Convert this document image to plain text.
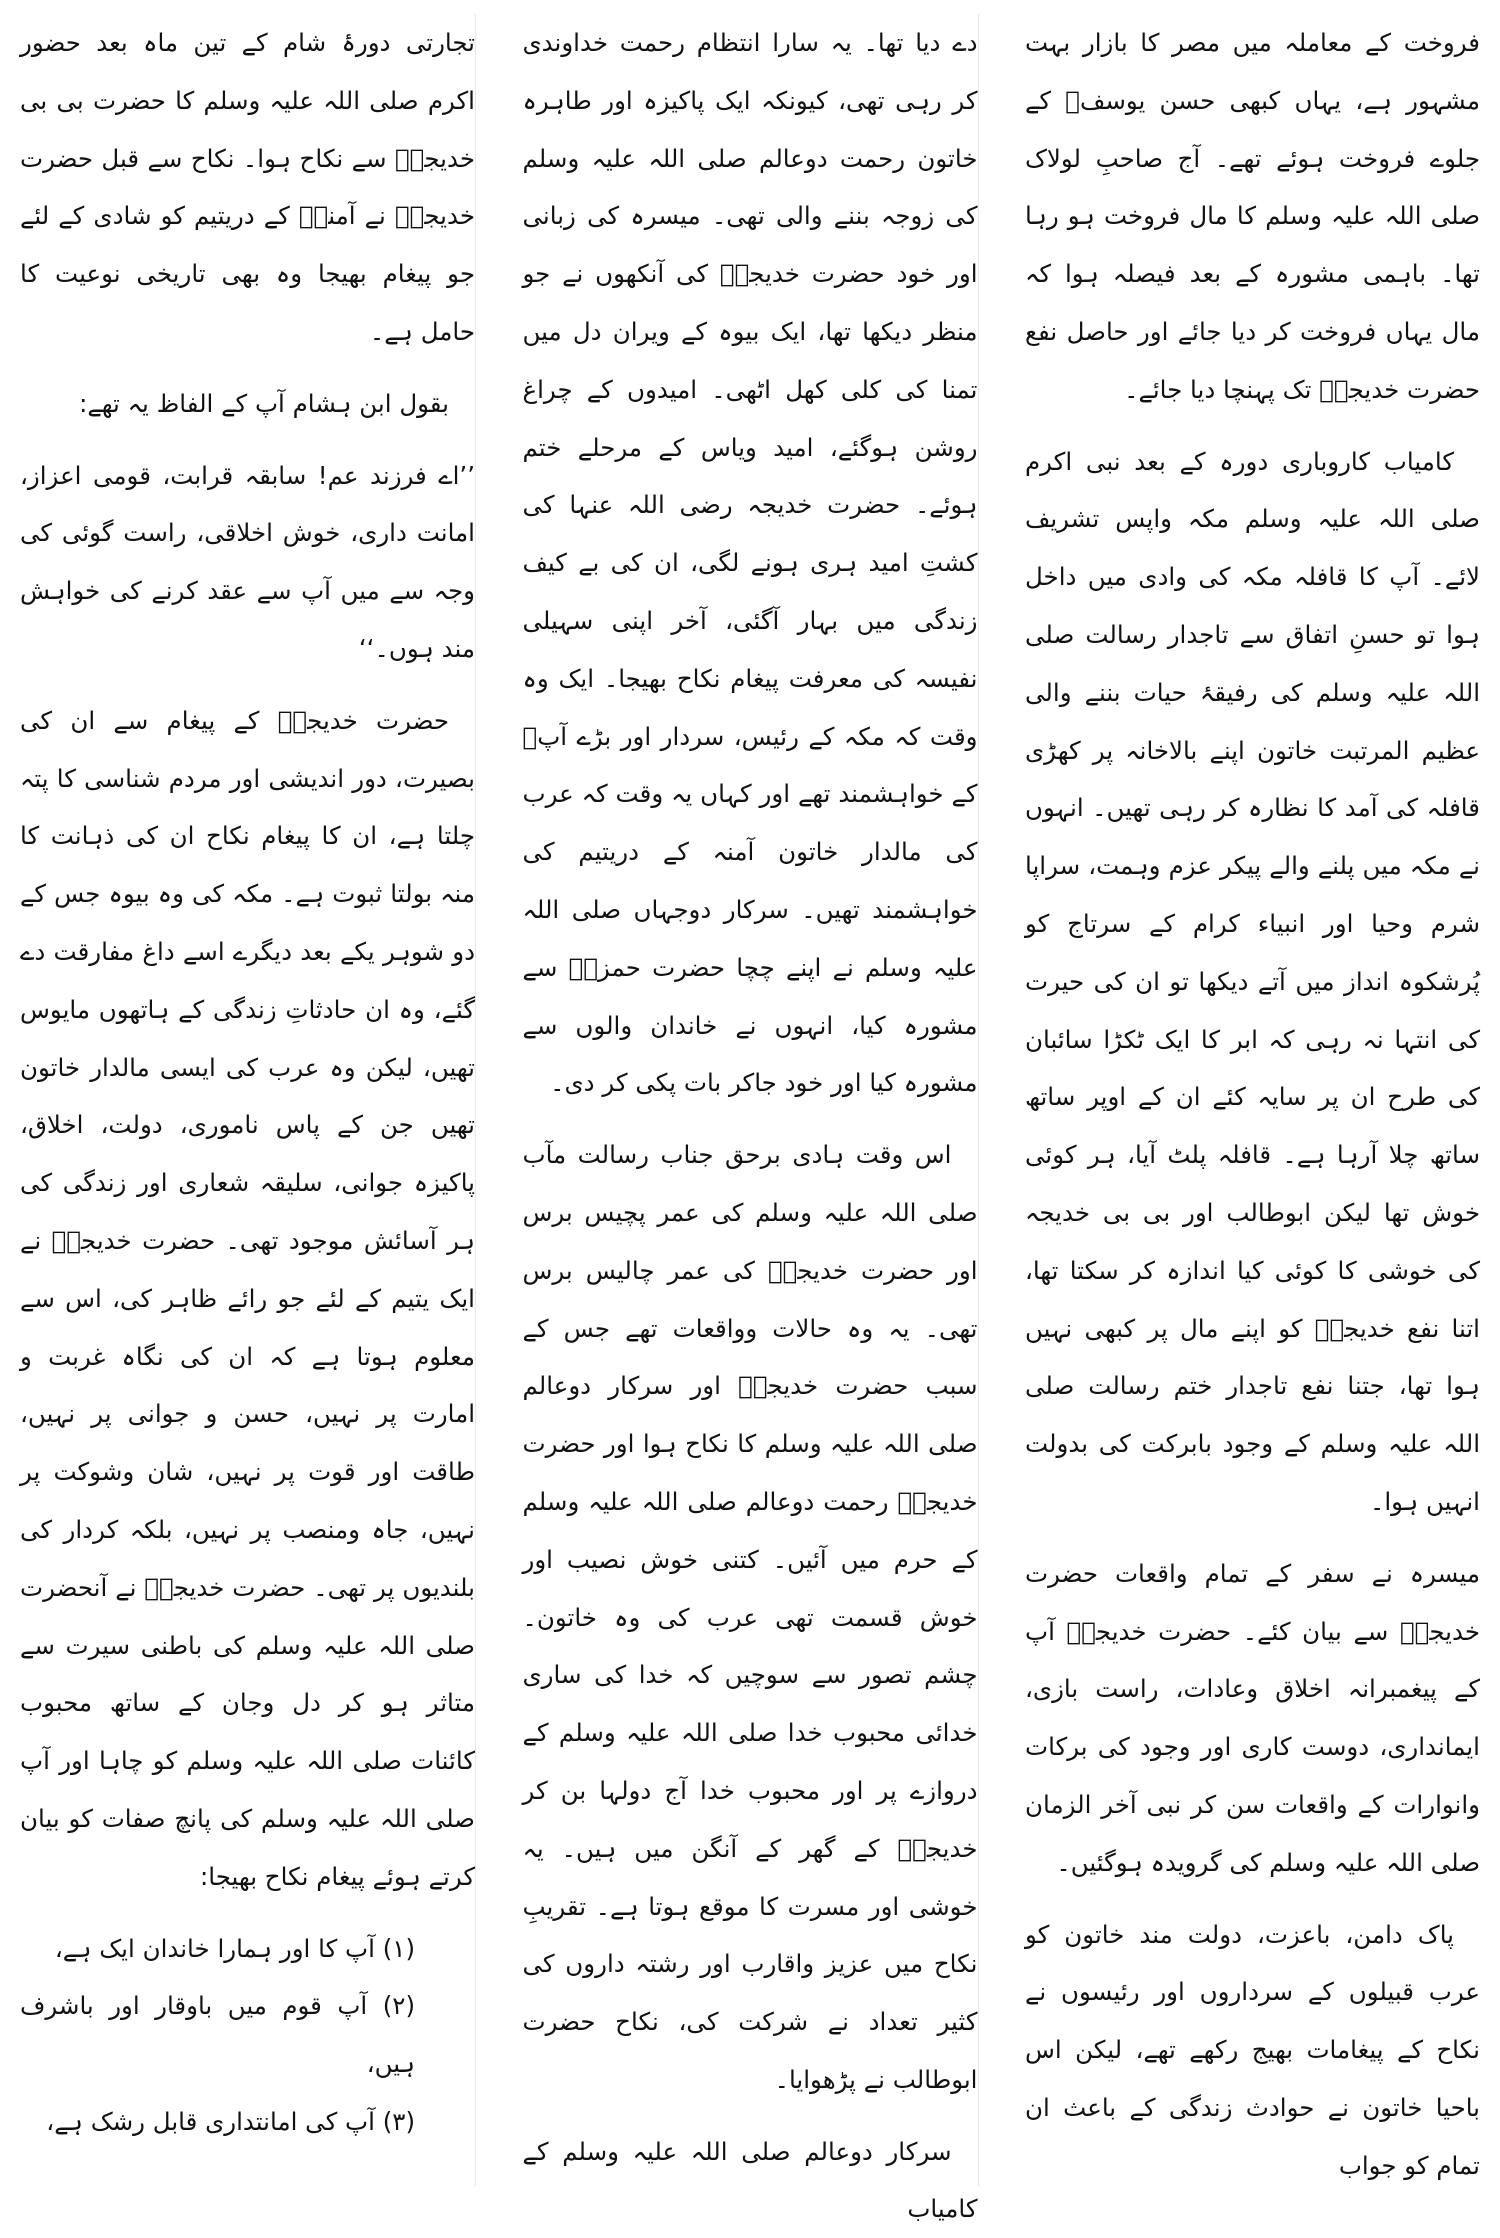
فروخت کے معاملہ میں مصر کا بازار بہت مشہور ہے، یہاں کبھی حسن یوسفؑ کے جلوے فروخت ہوئے تھے۔ آج صاحبِ لولاک صلی اللہ علیہ وسلم کا مال فروخت ہو رہا تھا۔ باہمی مشورہ کے بعد فیصلہ ہوا کہ مال یہاں فروخت کر دیا جائے اور حاصل نفع حضرت خدیجہؓ تک پہنچا دیا جائے۔

کامیاب کاروباری دورہ کے بعد نبی اکرم صلی اللہ علیہ وسلم مکہ واپس تشریف لائے۔ آپ کا قافلہ مکہ کی وادی میں داخل ہوا تو حسنِ اتفاق سے تاجدار رسالت صلی اللہ علیہ وسلم کی رفیقۂ حیات بننے والی عظیم المرتبت خاتون اپنے بالاخانہ پر کھڑی قافلہ کی آمد کا نظارہ کر رہی تھیں۔ انہوں نے مکہ میں پلنے والے پیکر عزم وہمت، سراپا شرم وحیا اور انبیاء کرام کے سرتاج کو پُرشکوہ انداز میں آتے دیکھا تو ان کی حیرت کی انتہا نہ رہی کہ ابر کا ایک ٹکڑا سائبان کی طرح ان پر سایہ کئے ان کے اوپر ساتھ ساتھ چلا آرہا ہے۔ قافلہ پلٹ آیا، ہر کوئی خوش تھا لیکن ابوطالب اور بی بی خدیجہ کی خوشی کا کوئی کیا اندازہ کر سکتا تھا، اتنا نفع خدیجہؓ کو اپنے مال پر کبھی نہیں ہوا تھا، جتنا نفع تاجدار ختم رسالت صلی اللہ علیہ وسلم کے وجود بابرکت کی بدولت انہیں ہوا۔

میسرہ نے سفر کے تمام واقعات حضرت خدیجہؓ سے بیان کئے۔ حضرت خدیجہؓ آپ کے پیغمبرانہ اخلاق وعادات، راست بازی، ایمانداری، دوست کاری اور وجود کی برکات وانوارات کے واقعات سن کر نبی آخر الزمان صلی اللہ علیہ وسلم کی گرویدہ ہوگئیں۔

پاک دامن، باعزت، دولت مند خاتون کو عرب قبیلوں کے سرداروں اور رئیسوں نے نکاح کے پیغامات بھیج رکھے تھے، لیکن اس باحیا خاتون نے حوادث زندگی کے باعث ان تمام کو جواب

دے دیا تھا۔ یہ سارا انتظام رحمت خداوندی کر رہی تھی، کیونکہ ایک پاکیزہ اور طاہرہ خاتون رحمت دوعالم صلی اللہ علیہ وسلم کی زوجہ بننے والی تھی۔ میسرہ کی زبانی اور خود حضرت خدیجہؓ کی آنکھوں نے جو منظر دیکھا تھا، ایک بیوہ کے ویران دل میں تمنا کی کلی کھل اٹھی۔ امیدوں کے چراغ روشن ہوگئے، امید ویاس کے مرحلے ختم ہوئے۔ حضرت خدیجہ رضی اللہ عنہا کی کشتِ امید ہری ہونے لگی، ان کی بے کیف زندگی میں بہار آگئی، آخر اپنی سہیلی نفیسہ کی معرفت پیغام نکاح بھیجا۔ ایک وہ وقت کہ مکہ کے رئیس، سردار اور بڑے آپؐ کے خواہشمند تھے اور کہاں یہ وقت کہ عرب کی مالدار خاتون آمنہ کے دریتیم کی خواہشمند تھیں۔ سرکار دوجہاں صلی اللہ علیہ وسلم نے اپنے چچا حضرت حمزہؓ سے مشورہ کیا، انہوں نے خاندان والوں سے مشورہ کیا اور خود جاکر بات پکی کر دی۔

اس وقت ہادی برحق جناب رسالت مآب صلی اللہ علیہ وسلم کی عمر پچیس برس اور حضرت خدیجہؓ کی عمر چالیس برس تھی۔ یہ وہ حالات وواقعات تھے جس کے سبب حضرت خدیجہؓ اور سرکار دوعالم صلی اللہ علیہ وسلم کا نکاح ہوا اور حضرت خدیجہؓ رحمت دوعالم صلی اللہ علیہ وسلم کے حرم میں آئیں۔ کتنی خوش نصیب اور خوش قسمت تھی عرب کی وہ خاتون۔ چشم تصور سے سوچیں کہ خدا کی ساری خدائی محبوب خدا صلی اللہ علیہ وسلم کے دروازے پر اور محبوب خدا آج دولہا بن کر خدیجہؓ کے گھر کے آنگن میں ہیں۔ یہ خوشی اور مسرت کا موقع ہوتا ہے۔ تقریبِ نکاح میں عزیز واقارب اور رشتہ داروں کی کثیر تعداد نے شرکت کی، نکاح حضرت ابوطالب نے پڑھوایا۔

سرکار دوعالم صلی اللہ علیہ وسلم کے کامیاب

تجارتی دورۂ شام کے تین ماہ بعد حضور اکرم صلی اللہ علیہ وسلم کا حضرت بی بی خدیجہؓ سے نکاح ہوا۔ نکاح سے قبل حضرت خدیجہؓ نے آمنہؓ کے دریتیم کو شادی کے لئے جو پیغام بھیجا وہ بھی تاریخی نوعیت کا حامل ہے۔

بقول ابن ہشام آپ کے الفاظ یہ تھے:

’’اے فرزند عم! سابقہ قرابت، قومی اعزاز، امانت داری، خوش اخلاقی، راست گوئی کی وجہ سے میں آپ سے عقد کرنے کی خواہش مند ہوں۔‘‘

حضرت خدیجہؓ کے پیغام سے ان کی بصیرت، دور اندیشی اور مردم شناسی کا پتہ چلتا ہے، ان کا پیغام نکاح ان کی ذہانت کا منہ بولتا ثبوت ہے۔ مکہ کی وہ بیوہ جس کے دو شوہر یکے بعد دیگرے اسے داغ مفارقت دے گئے، وہ ان حادثاتِ زندگی کے ہاتھوں مایوس تھیں، لیکن وہ عرب کی ایسی مالدار خاتون تھیں جن کے پاس ناموری، دولت، اخلاق، پاکیزہ جوانی، سلیقہ شعاری اور زندگی کی ہر آسائش موجود تھی۔ حضرت خدیجہؓ نے ایک یتیم کے لئے جو رائے ظاہر کی، اس سے معلوم ہوتا ہے کہ ان کی نگاہ غربت و امارت پر نہیں، حسن و جوانی پر نہیں، طاقت اور قوت پر نہیں، شان وشوکت پر نہیں، جاہ ومنصب پر نہیں، بلکہ کردار کی بلندیوں پر تھی۔ حضرت خدیجہؓ نے آنحضرت صلی اللہ علیہ وسلم کی باطنی سیرت سے متاثر ہو کر دل وجان کے ساتھ محبوب کائنات صلی اللہ علیہ وسلم کو چاہا اور آپ صلی اللہ علیہ وسلم کی پانچ صفات کو بیان کرتے ہوئے پیغام نکاح بھیجا:

(۱) آپ کا اور ہمارا خاندان ایک ہے،

(۲) آپ قوم میں باوقار اور باشرف ہیں،

(۳) آپ کی امانتداری قابل رشک ہے،
